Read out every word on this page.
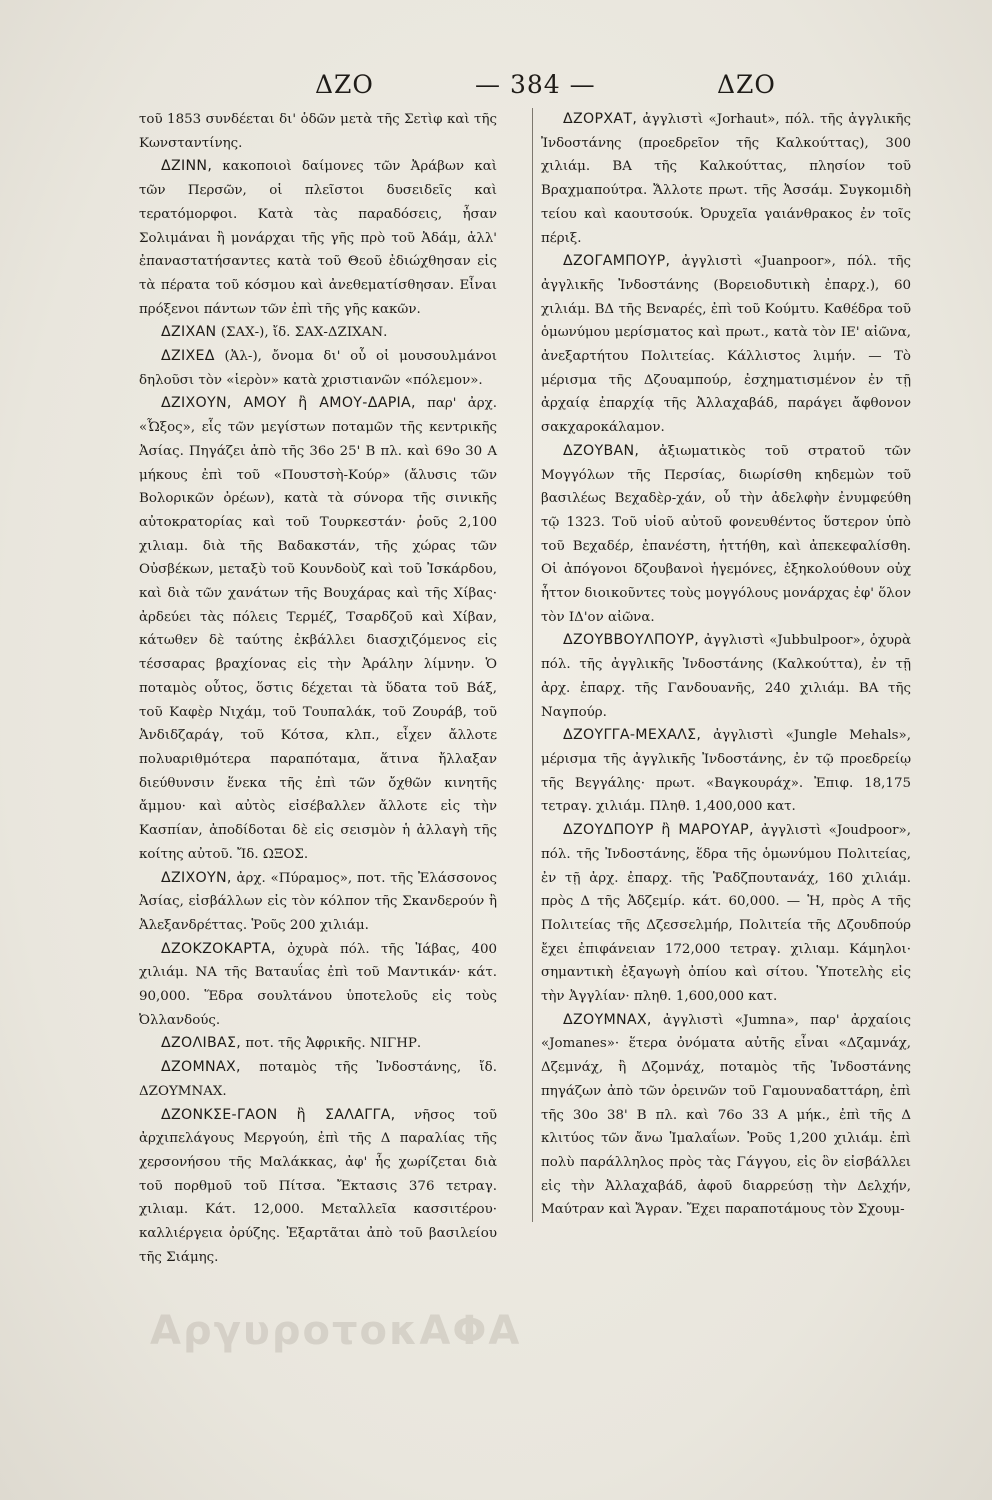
ΔΖΟ	— 384 —	ΔΖΟ

τοῦ 1853 συνδέεται δι' ὁδῶν μετὰ τῆς Σετὶφ καὶ τῆς Κωνσταντίνης.

ΔΖΙΝΝ, κακοποιοὶ δαίμονες τῶν Ἀράβων καὶ τῶν Περσῶν, οἱ πλεῖστοι δυσειδεῖς καὶ τερατόμορφοι. Κατὰ τὰς παραδόσεις, ἦσαν Σολιμάναι ἢ μονάρχαι τῆς γῆς πρὸ τοῦ Ἀδάμ, ἀλλ' ἐπαναστατήσαντες κατὰ τοῦ Θεοῦ ἐδιώχθησαν εἰς τὰ πέρατα τοῦ κόσμου καὶ ἀνεθεματίσθησαν. Εἶναι πρόξενοι πάντων τῶν ἐπὶ τῆς γῆς κακῶν.

ΔΖΙΧΑΝ (ΣΑΧ-), ἴδ. ΣΑΧ-ΔΖΙΧΑΝ.

ΔΖΙΧΕΔ (Ἀλ-), ὄνομα δι' οὗ οἱ μουσουλμάνοι δηλοῦσι τὸν «ἱερὸν» κατὰ χριστιανῶν «πόλεμον».

ΔΖΙΧΟΥΝ, ΑΜΟΥ ἢ ΑΜΟΥ-ΔΑΡΙΑ, παρ' ἀρχ. «Ὦξος», εἷς τῶν μεγίστων ποταμῶν τῆς κεντρικῆς Ἀσίας. Πηγάζει ἀπὸ τῆς 36ο 25' Β πλ. καὶ 69ο 30 Α μήκους ἐπὶ τοῦ «Πουστσὴ-Κούρ» (ἄλυσις τῶν Βολορικῶν ὀρέων), κατὰ τὰ σύνορα τῆς σινικῆς αὐτοκρατορίας καὶ τοῦ Τουρκεστάν· ῥοῦς 2,100 χιλιαμ. διὰ τῆς Βαδακστάν, τῆς χώρας τῶν Οὐσβέκων, μεταξὺ τοῦ Κουνδοὺζ καὶ τοῦ Ἰσκάρδου, καὶ διὰ τῶν χανάτων τῆς Βουχάρας καὶ τῆς Χίβας· ἀρδεύει τὰς πόλεις Τερμέζ, Τσαρδζοῦ καὶ Χίβαν, κάτωθεν δὲ ταύτης ἐκβάλλει διασχιζόμενος εἰς τέσσαρας βραχίονας εἰς τὴν Ἀράλην λίμνην. Ὁ ποταμὸς οὗτος, ὅστις δέχεται τὰ ὕδατα τοῦ Βάξ, τοῦ Καφὲρ Νιχάμ, τοῦ Τουπαλάκ, τοῦ Ζουράβ, τοῦ Ἀνδιδζαράγ, τοῦ Κότσα, κλπ., εἶχεν ἄλλοτε πολυαριθμότερα παραπόταμα, ἅτινα ἤλλαξαν διεύθυνσιν ἕνεκα τῆς ἐπὶ τῶν ὄχθῶν κινητῆς ἄμμου· καὶ αὐτὸς εἰσέβαλλεν ἄλλοτε εἰς τὴν Κασπίαν, ἀποδίδοται δὲ εἰς σεισμὸν ἡ ἀλλαγὴ τῆς κοίτης αὐτοῦ. Ἴδ. ΩΞΟΣ.

ΔΖΙΧΟΥΝ, ἀρχ. «Πύραμος», ποτ. τῆς Ἐλάσσονος Ἀσίας, εἰσβάλλων εἰς τὸν κόλπον τῆς Σκανδερούν ἢ Ἀλεξανδρέττας. Ῥοῦς 200 χιλιάμ.

ΔΖΟΚΖΟΚΑΡΤΑ, ὀχυρὰ πόλ. τῆς Ἰάβας, 400 χιλιάμ. ΝΑ τῆς Βαταυΐας ἐπὶ τοῦ Μαντικάν· κάτ. 90,000. Ἕδρα σουλτάνου ὑποτελοῦς εἰς τοὺς Ὀλλανδούς.

ΔΖΟΛΙΒΑΣ, ποτ. τῆς Ἀφρικῆς. ΝΙΓΗΡ.

ΔΖΟΜΝΑΧ, ποταμὸς τῆς Ἰνδοστάνης, ἴδ. ΔΖΟΥΜΝΑΧ.

ΔΖΟΝΚΣΕ-ΓΑΟΝ ἢ ΣΑΛΑΓΓΑ, νῆσος τοῦ ἀρχιπελάγους Μεργούη, ἐπὶ τῆς Δ παραλίας τῆς χερσονήσου τῆς Μαλάκκας, ἀφ' ἧς χωρίζεται διὰ τοῦ πορθμοῦ τοῦ Πίτσα. Ἔκτασις 376 τετραγ. χιλιαμ. Κάτ. 12,000. Μεταλλεῖα κασσιτέρου· καλλιέργεια ὀρύζης. Ἐξαρτᾶται ἀπὸ τοῦ βασιλείου τῆς Σιάμης.

ΔΖΟΡΧΑΤ, ἀγγλιστὶ «Jorhaut», πόλ. τῆς ἀγγλικῆς Ἰνδοστάνης (προεδρεῖον τῆς Καλκούττας), 300 χιλιάμ. ΒΑ τῆς Καλκούττας, πλησίον τοῦ Βραχμαπούτρα. Ἄλλοτε πρωτ. τῆς Ἀσσάμ. Συγκομιδὴ τείου καὶ καουτσούκ. Ὀρυχεῖα γαιάνθρακος ἐν τοῖς πέριξ.

ΔΖΟΓΑΜΠΟΥΡ, ἀγγλιστὶ «Juanpoor», πόλ. τῆς ἀγγλικῆς Ἰνδοστάνης (Βορειοδυτικὴ ἐπαρχ.), 60 χιλιάμ. ΒΔ τῆς Βεναρές, ἐπὶ τοῦ Κούμτυ. Καθέδρα τοῦ ὁμωνύμου μερίσματος καὶ πρωτ., κατὰ τὸν ΙΕ' αἰῶνα, ἀνεξαρτήτου Πολιτείας. Κάλλιστος λιμήν. — Τὸ μέρισμα τῆς Δζουαμπούρ, ἐσχηματισμένον ἐν τῇ ἀρχαίᾳ ἐπαρχίᾳ τῆς Ἀλλαχαβάδ, παράγει ἄφθονον σακχαροκάλαμον.

ΔΖΟΥΒΑΝ, ἀξιωματικὸς τοῦ στρατοῦ τῶν Μογγόλων τῆς Περσίας, διωρίσθη κηδεμὼν τοῦ βασιλέως Βεχαδὲρ-χάν, οὗ τὴν ἀδελφὴν ἐνυμφεύθη τῷ 1323. Τοῦ υἱοῦ αὐτοῦ φονευθέντος ὕστερον ὑπὸ τοῦ Βεχαδέρ, ἐπανέστη, ἡττήθη, καὶ ἀπεκεφαλίσθη. Οἱ ἀπόγονοι δζουβανοὶ ἡγεμόνες, ἐξηκολούθουν οὐχ ἧττον διοικοῦντες τοὺς μογγόλους μονάρχας ἐφ' ὅλον τὸν ΙΔ'ον αἰῶνα.

ΔΖΟΥΒΒΟΥΛΠΟΥΡ, ἀγγλιστὶ «Jubbulpoor», ὀχυρὰ πόλ. τῆς ἀγγλικῆς Ἰνδοστάνης (Καλκούττα), ἐν τῇ ἀρχ. ἐπαρχ. τῆς Γανδουανῆς, 240 χιλιάμ. ΒΑ τῆς Ναγπούρ.

ΔΖΟΥΓΓΑ-ΜΕΧΑΛΣ, ἀγγλιστὶ «Jungle Mehals», μέρισμα τῆς ἀγγλικῆς Ἰνδοστάνης, ἐν τῷ προεδρείῳ τῆς Βεγγάλης· πρωτ. «Βαγκουράχ». Ἐπιφ. 18,175 τετραγ. χιλιάμ. Πληθ. 1,400,000 κατ.

ΔΖΟΥΔΠΟΥΡ ἢ ΜΑΡΟΥΑΡ, ἀγγλιστὶ «Joudpoor», πόλ. τῆς Ἰνδοστάνης, ἕδρα τῆς ὁμωνύμου Πολιτείας, ἐν τῇ ἀρχ. ἐπαρχ. τῆς Ῥαδζπουτανάχ, 160 χιλιάμ. πρὸς Δ τῆς Ἀδζεμίρ. κάτ. 60,000. — Ἡ, πρὸς Α τῆς Πολιτείας τῆς Δζεσσελμήρ, Πολιτεία τῆς Δζουδπούρ ἔχει ἐπιφάνειαν 172,000 τετραγ. χιλιαμ. Κάμηλοι· σημαντικὴ ἐξαγωγὴ ὀπίου καὶ σίτου. Ὑποτελὴς εἰς τὴν Ἀγγλίαν· πληθ. 1,600,000 κατ.

ΔΖΟΥΜΝΑΧ, ἀγγλιστὶ «Jumna», παρ' ἀρχαίοις «Jomanes»· ἕτερα ὀνόματα αὐτῆς εἶναι «Δζαμνάχ, Δζεμνάχ, ἢ Δζομνάχ, ποταμὸς τῆς Ἰνδοστάνης πηγάζων ἀπὸ τῶν ὀρεινῶν τοῦ Γαμουναδαττάρη, ἐπὶ τῆς 30ο 38' Β πλ. καὶ 76ο 33 Α μήκ., ἐπὶ τῆς Δ κλιτύος τῶν ἄνω Ἱμαλαΐων. Ῥοῦς 1,200 χιλιάμ. ἐπὶ πολὺ παράλληλος πρὸς τὰς Γάγγου, εἰς ὃν εἰσβάλλει εἰς τὴν Ἀλλαχαβάδ, ἀφοῦ διαρρεύσῃ τὴν Δελχήν, Μαύτραν καὶ Ἄγραν. Ἔχει παραποτάμους τὸν Σχουμ-

ΑργυροτοκΑΦΑ
